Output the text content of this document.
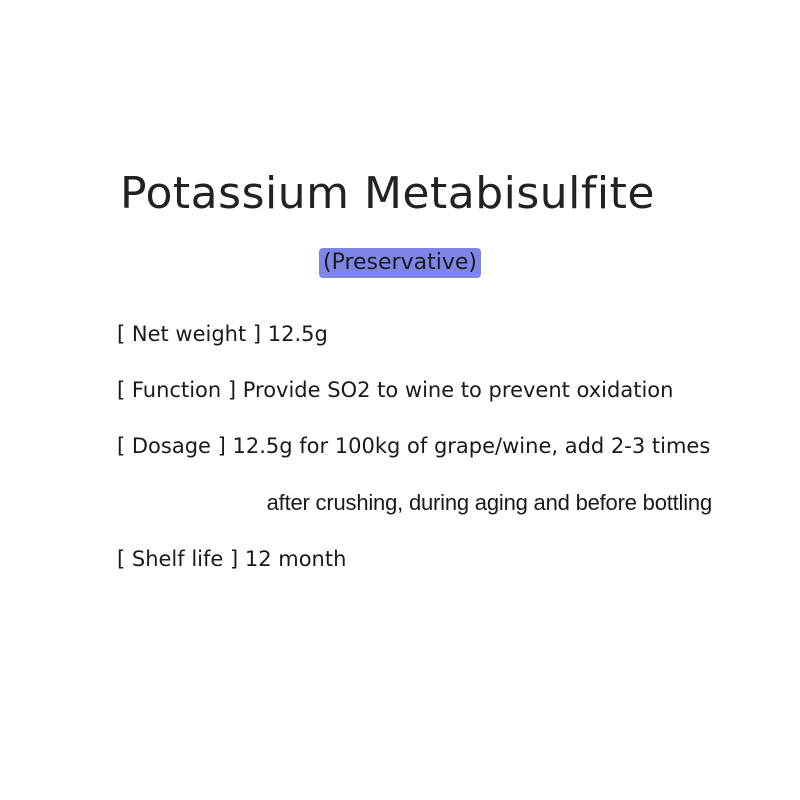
Potassium Metabisulfite
(Preservative)
[ Net weight ] 12.5g
[ Function ] Provide SO2 to wine to prevent oxidation
[ Dosage ] 12.5g for 100kg of grape/wine, add 2-3 times
after crushing, during aging and before bottling
[ Shelf life ] 12 month
